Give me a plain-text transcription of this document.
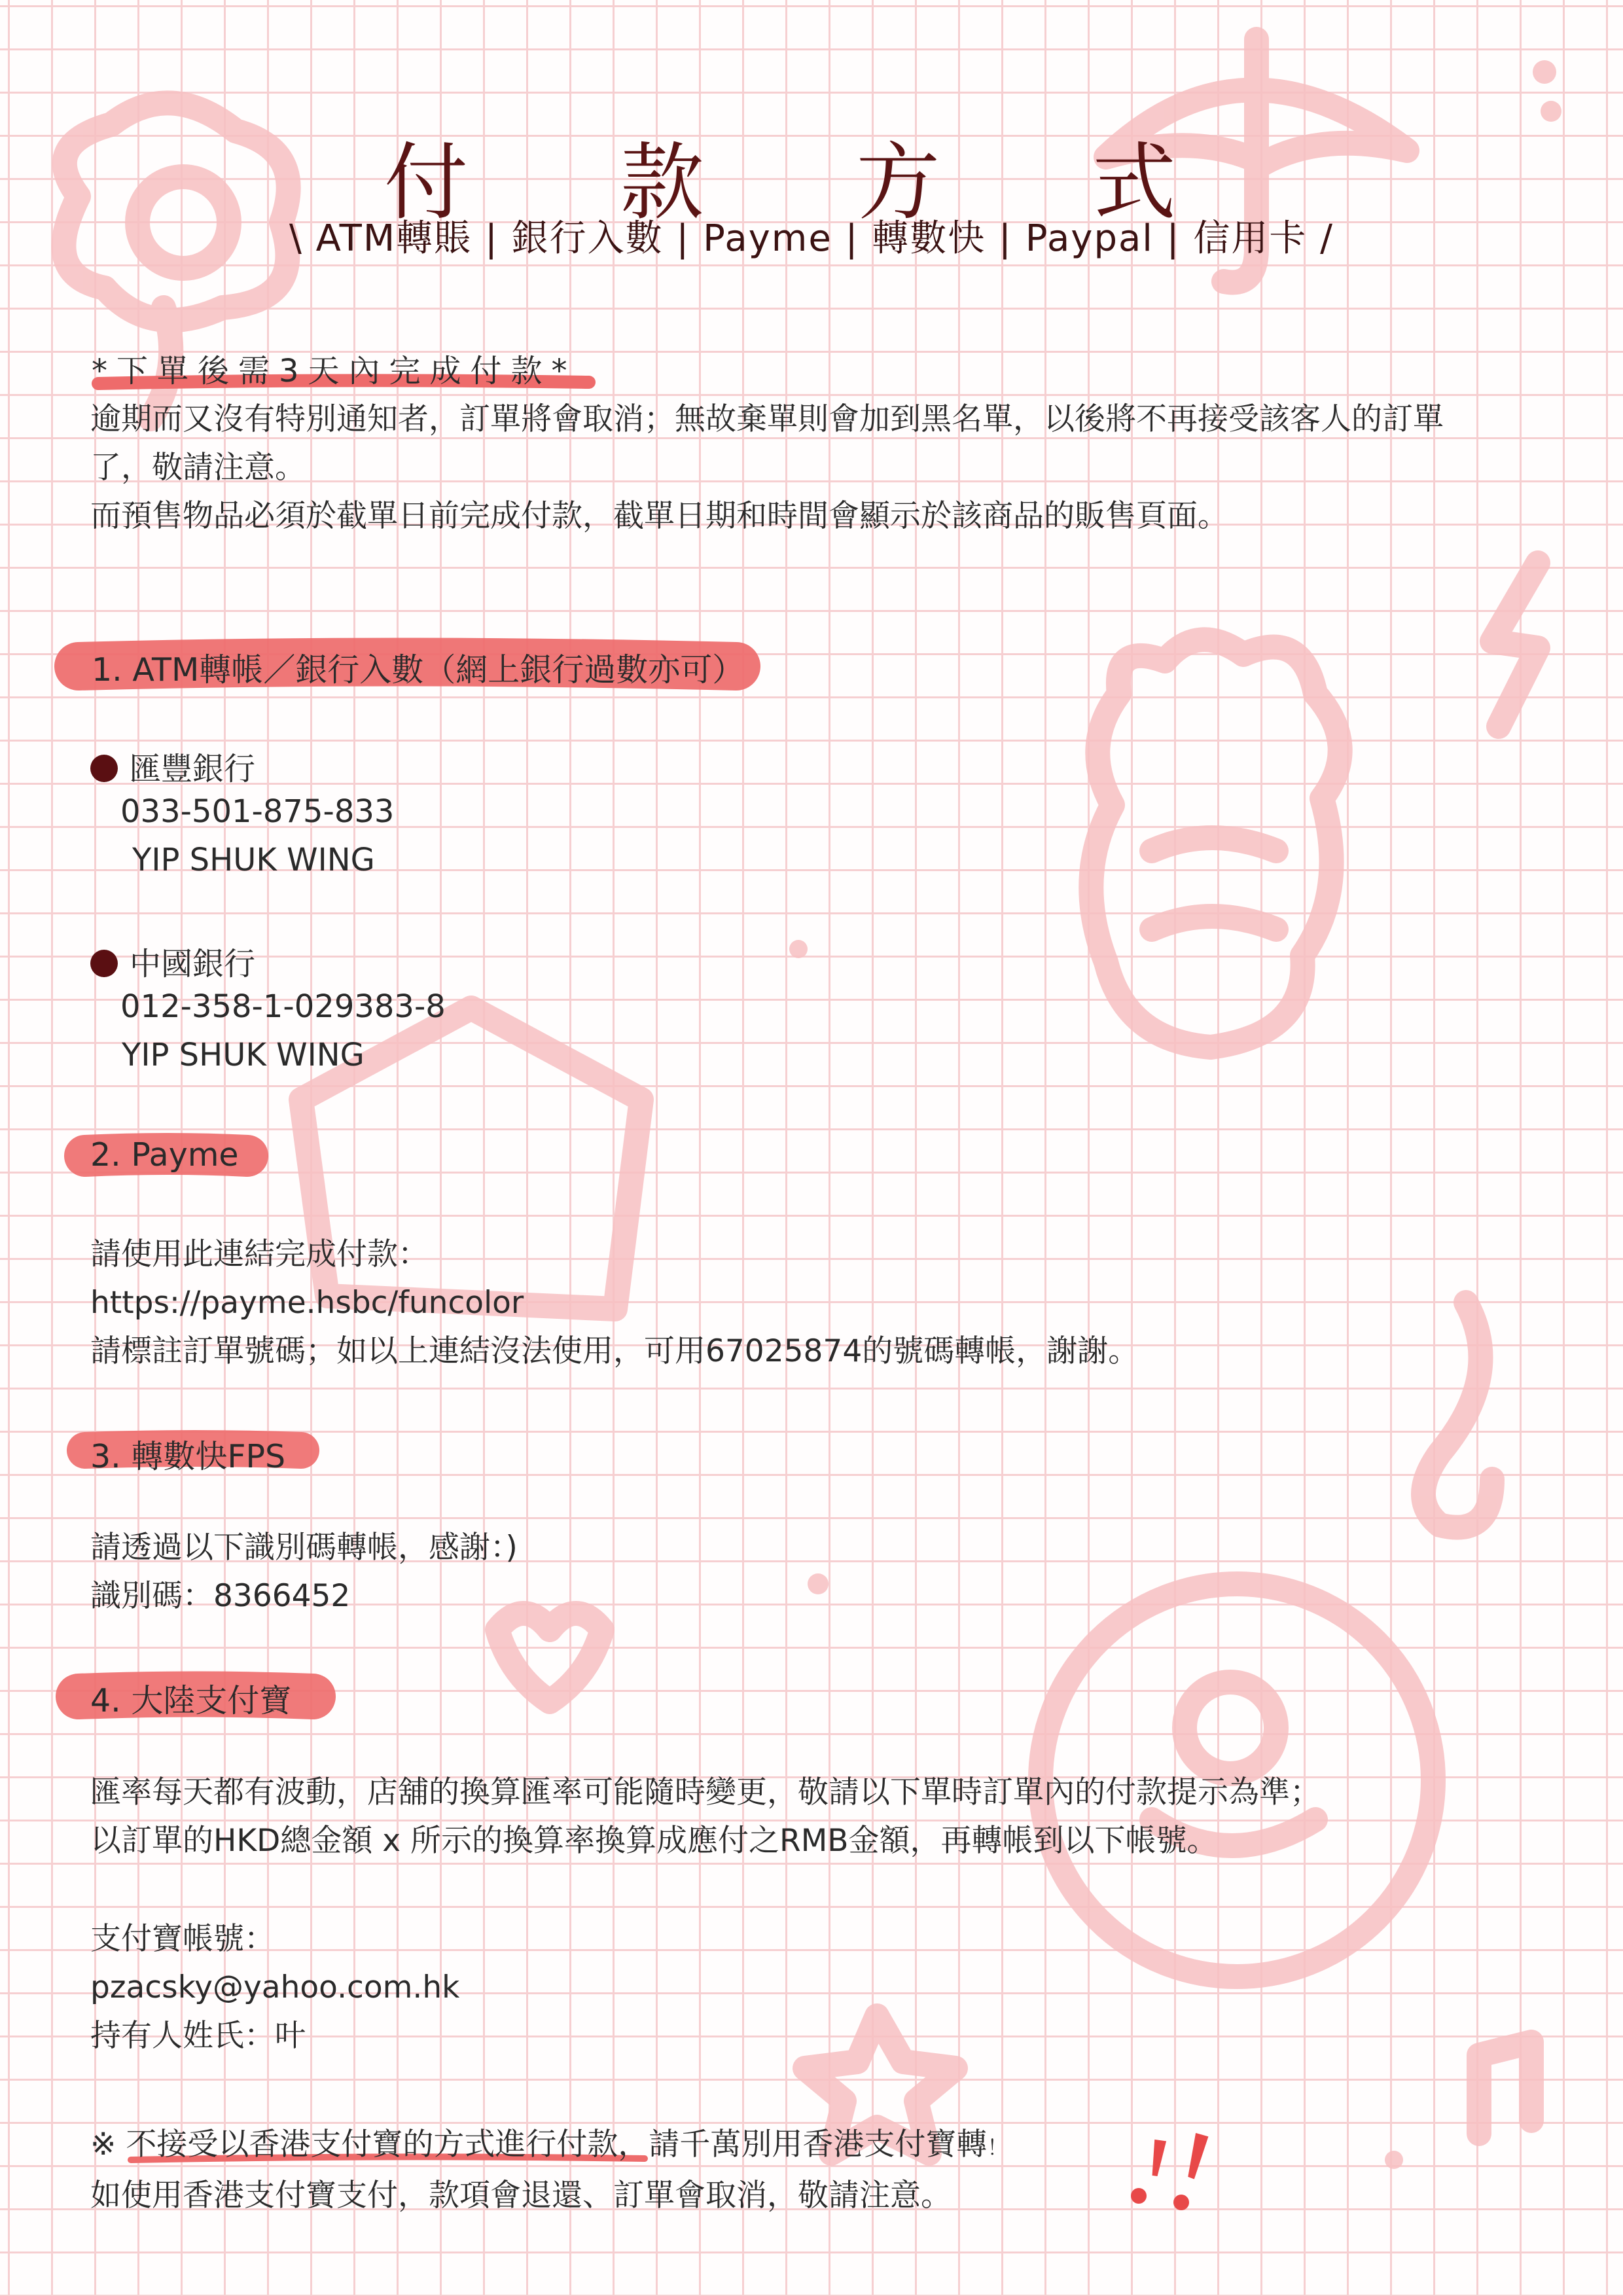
付 款 方 式
\ ATM轉賬 | 銀行入數 | Payme | 轉數快 | Paypal | 信用卡 /
*下單後需3天內完成付款*
逾期而又沒有特別通知者，訂單將會取消；無故棄單則會加到黑名單，以後將不再接受該客人的訂單
了，敬請注意。
而預售物品必須於截單日前完成付款，截單日期和時間會顯示於該商品的販售頁面。
1. ATM轉帳／銀行入數（網上銀行過數亦可）
匯豐銀行
033-501-875-833
YIP SHUK WING
中國銀行
012-358-1-029383-8
YIP SHUK WING
2. Payme
請使用此連結完成付款：
https://payme.hsbc/funcolor
請標註訂單號碼；如以上連結沒法使用，可用67025874的號碼轉帳，謝謝。
3. 轉數快FPS
請透過以下識別碼轉帳，感謝：)
識別碼：8366452
4. 大陸支付寶
匯率每天都有波動，店舖的換算匯率可能隨時變更，敬請以下單時訂單內的付款提示為準；
以訂單的HKD總金額 x 所示的換算率換算成應付之RMB金額，再轉帳到以下帳號。
支付寶帳號：
pzacsky@yahoo.com.hk
持有人姓氏：叶
※ 不接受以香港支付寶的方式進行付款，請千萬別用香港支付寶轉！
如使用香港支付寶支付，款項會退還、訂單會取消，敬請注意。
